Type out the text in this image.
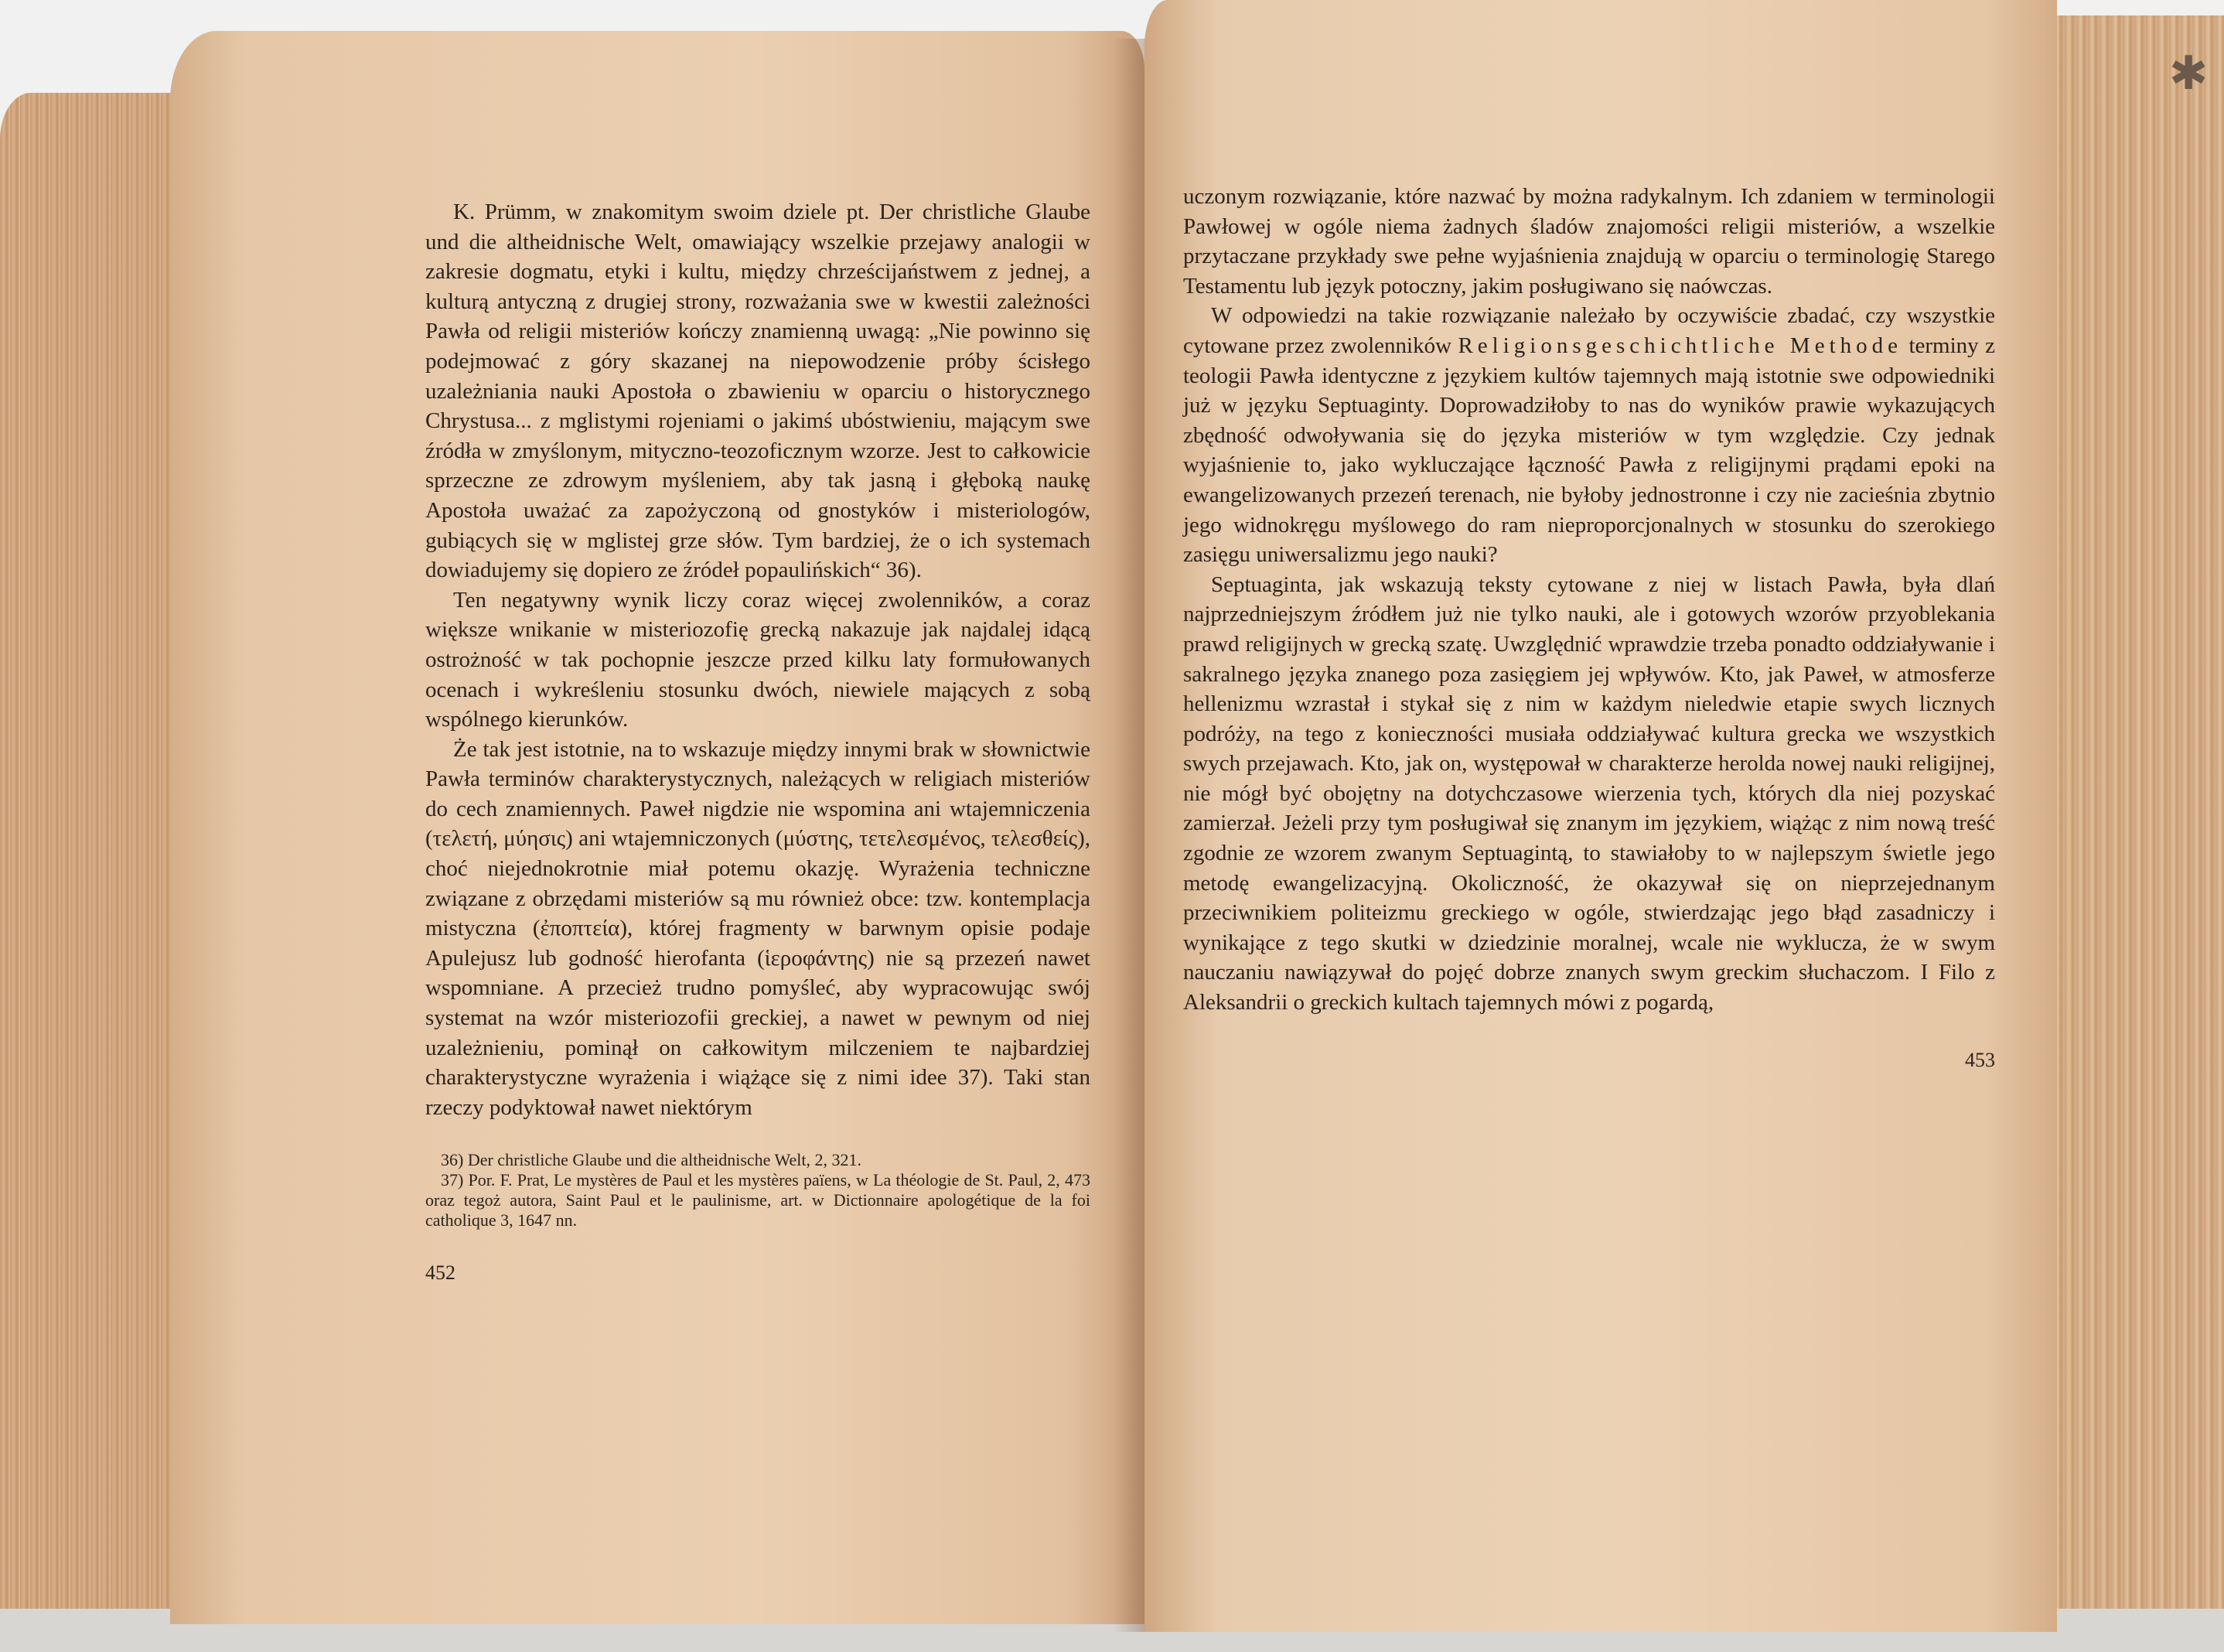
K. Prümm, w znakomitym swoim dziele pt. Der christliche Glaube und die altheidnische Welt, omawiający wszelkie przejawy analogii w zakresie dogmatu, etyki i kultu, między chrześcijaństwem z jednej, a kulturą antyczną z drugiej strony, rozważania swe w kwestii zależności Pawła od religii misteriów kończy znamienną uwagą: „Nie powinno się podejmować z góry skazanej na niepowodzenie próby ścisłego uzależniania nauki Apostoła o zbawieniu w oparciu o historycznego Chrystusa... z mglistymi rojeniami o jakimś ubóstwieniu, mającym swe źródła w zmyślonym, mityczno-teozoficznym wzorze. Jest to całkowicie sprzeczne ze zdrowym myśleniem, aby tak jasną i głęboką naukę Apostoła uważać za zapożyczoną od gnostyków i misteriologów, gubiących się w mglistej grze słów. Tym bardziej, że o ich systemach dowiadujemy się dopiero ze źródeł popaulińskich“ 36).

Ten negatywny wynik liczy coraz więcej zwolenników, a coraz większe wnikanie w misteriozofię grecką nakazuje jak najdalej idącą ostrożność w tak pochopnie jeszcze przed kilku laty formułowanych ocenach i wykreśleniu stosunku dwóch, niewiele mających z sobą wspólnego kierunków.

Że tak jest istotnie, na to wskazuje między innymi brak w słownictwie Pawła terminów charakterystycznych, należących w religiach misteriów do cech znamiennych. Paweł nigdzie nie wspomina ani wtajemniczenia (τελετή, μύησις) ani wtajemniczonych (μύστης, τετελεσμένος, τελεσθείς), choć niejednokrotnie miał potemu okazję. Wyrażenia techniczne związane z obrzędami misteriów są mu również obce: tzw. kontemplacja mistyczna (ἐποπτεία), której fragmenty w barwnym opisie podaje Apulejusz lub godność hierofanta (ἱεροφάντης) nie są przezeń nawet wspomniane. A przecież trudno pomyśleć, aby wypracowując swój systemat na wzór misteriozofii greckiej, a nawet w pewnym od niej uzależnieniu, pominął on całkowitym milczeniem te najbardziej charakterystyczne wyrażenia i wiążące się z nimi idee 37). Taki stan rzeczy podyktował nawet niektórym

36) Der christliche Glaube und die altheidnische Welt, 2, 321.

37) Por. F. Prat, Le mystères de Paul et les mystères païens, w La théologie de St. Paul, 2, 473 oraz tegoż autora, Saint Paul et le paulinisme, art. w Dictionnaire apologétique de la foi catholique 3, 1647 nn.

452

uczonym rozwiązanie, które nazwać by można radykalnym. Ich zdaniem w terminologii Pawłowej w ogóle niema żadnych śladów znajomości religii misteriów, a wszelkie przytaczane przykłady swe pełne wyjaśnienia znajdują w oparciu o terminologię Starego Testamentu lub język potoczny, jakim posługiwano się naówczas.

W odpowiedzi na takie rozwiązanie należało by oczywiście zbadać, czy wszystkie cytowane przez zwolenników Religionsgeschichtliche Methode terminy z teologii Pawła identyczne z językiem kultów tajemnych mają istotnie swe odpowiedniki już w języku Septuaginty. Doprowadziłoby to nas do wyników prawie wykazujących zbędność odwoływania się do języka misteriów w tym względzie. Czy jednak wyjaśnienie to, jako wykluczające łączność Pawła z religijnymi prądami epoki na ewangelizowanych przezeń terenach, nie byłoby jednostronne i czy nie zacieśnia zbytnio jego widnokręgu myślowego do ram nieproporcjonalnych w stosunku do szerokiego zasięgu uniwersalizmu jego nauki?

Septuaginta, jak wskazują teksty cytowane z niej w listach Pawła, była dlań najprzedniejszym źródłem już nie tylko nauki, ale i gotowych wzorów przyoblekania prawd religijnych w grecką szatę. Uwzględnić wprawdzie trzeba ponadto oddziaływanie i sakralnego języka znanego poza zasięgiem jej wpływów. Kto, jak Paweł, w atmosferze hellenizmu wzrastał i stykał się z nim w każdym nieledwie etapie swych licznych podróży, na tego z konieczności musiała oddziaływać kultura grecka we wszystkich swych przejawach. Kto, jak on, występował w charakterze herolda nowej nauki religijnej, nie mógł być obojętny na dotychczasowe wierzenia tych, których dla niej pozyskać zamierzał. Jeżeli przy tym posługiwał się znanym im językiem, wiążąc z nim nową treść zgodnie ze wzorem zwanym Septuagintą, to stawiałoby to w najlepszym świetle jego metodę ewangelizacyjną. Okoliczność, że okazywał się on nieprzejednanym przeciwnikiem politeizmu greckiego w ogóle, stwierdzając jego błąd zasadniczy i wynikające z tego skutki w dziedzinie moralnej, wcale nie wyklucza, że w swym nauczaniu nawiązywał do pojęć dobrze znanych swym greckim słuchaczom. I Filo z Aleksandrii o greckich kultach tajemnych mówi z pogardą,

453
✱
